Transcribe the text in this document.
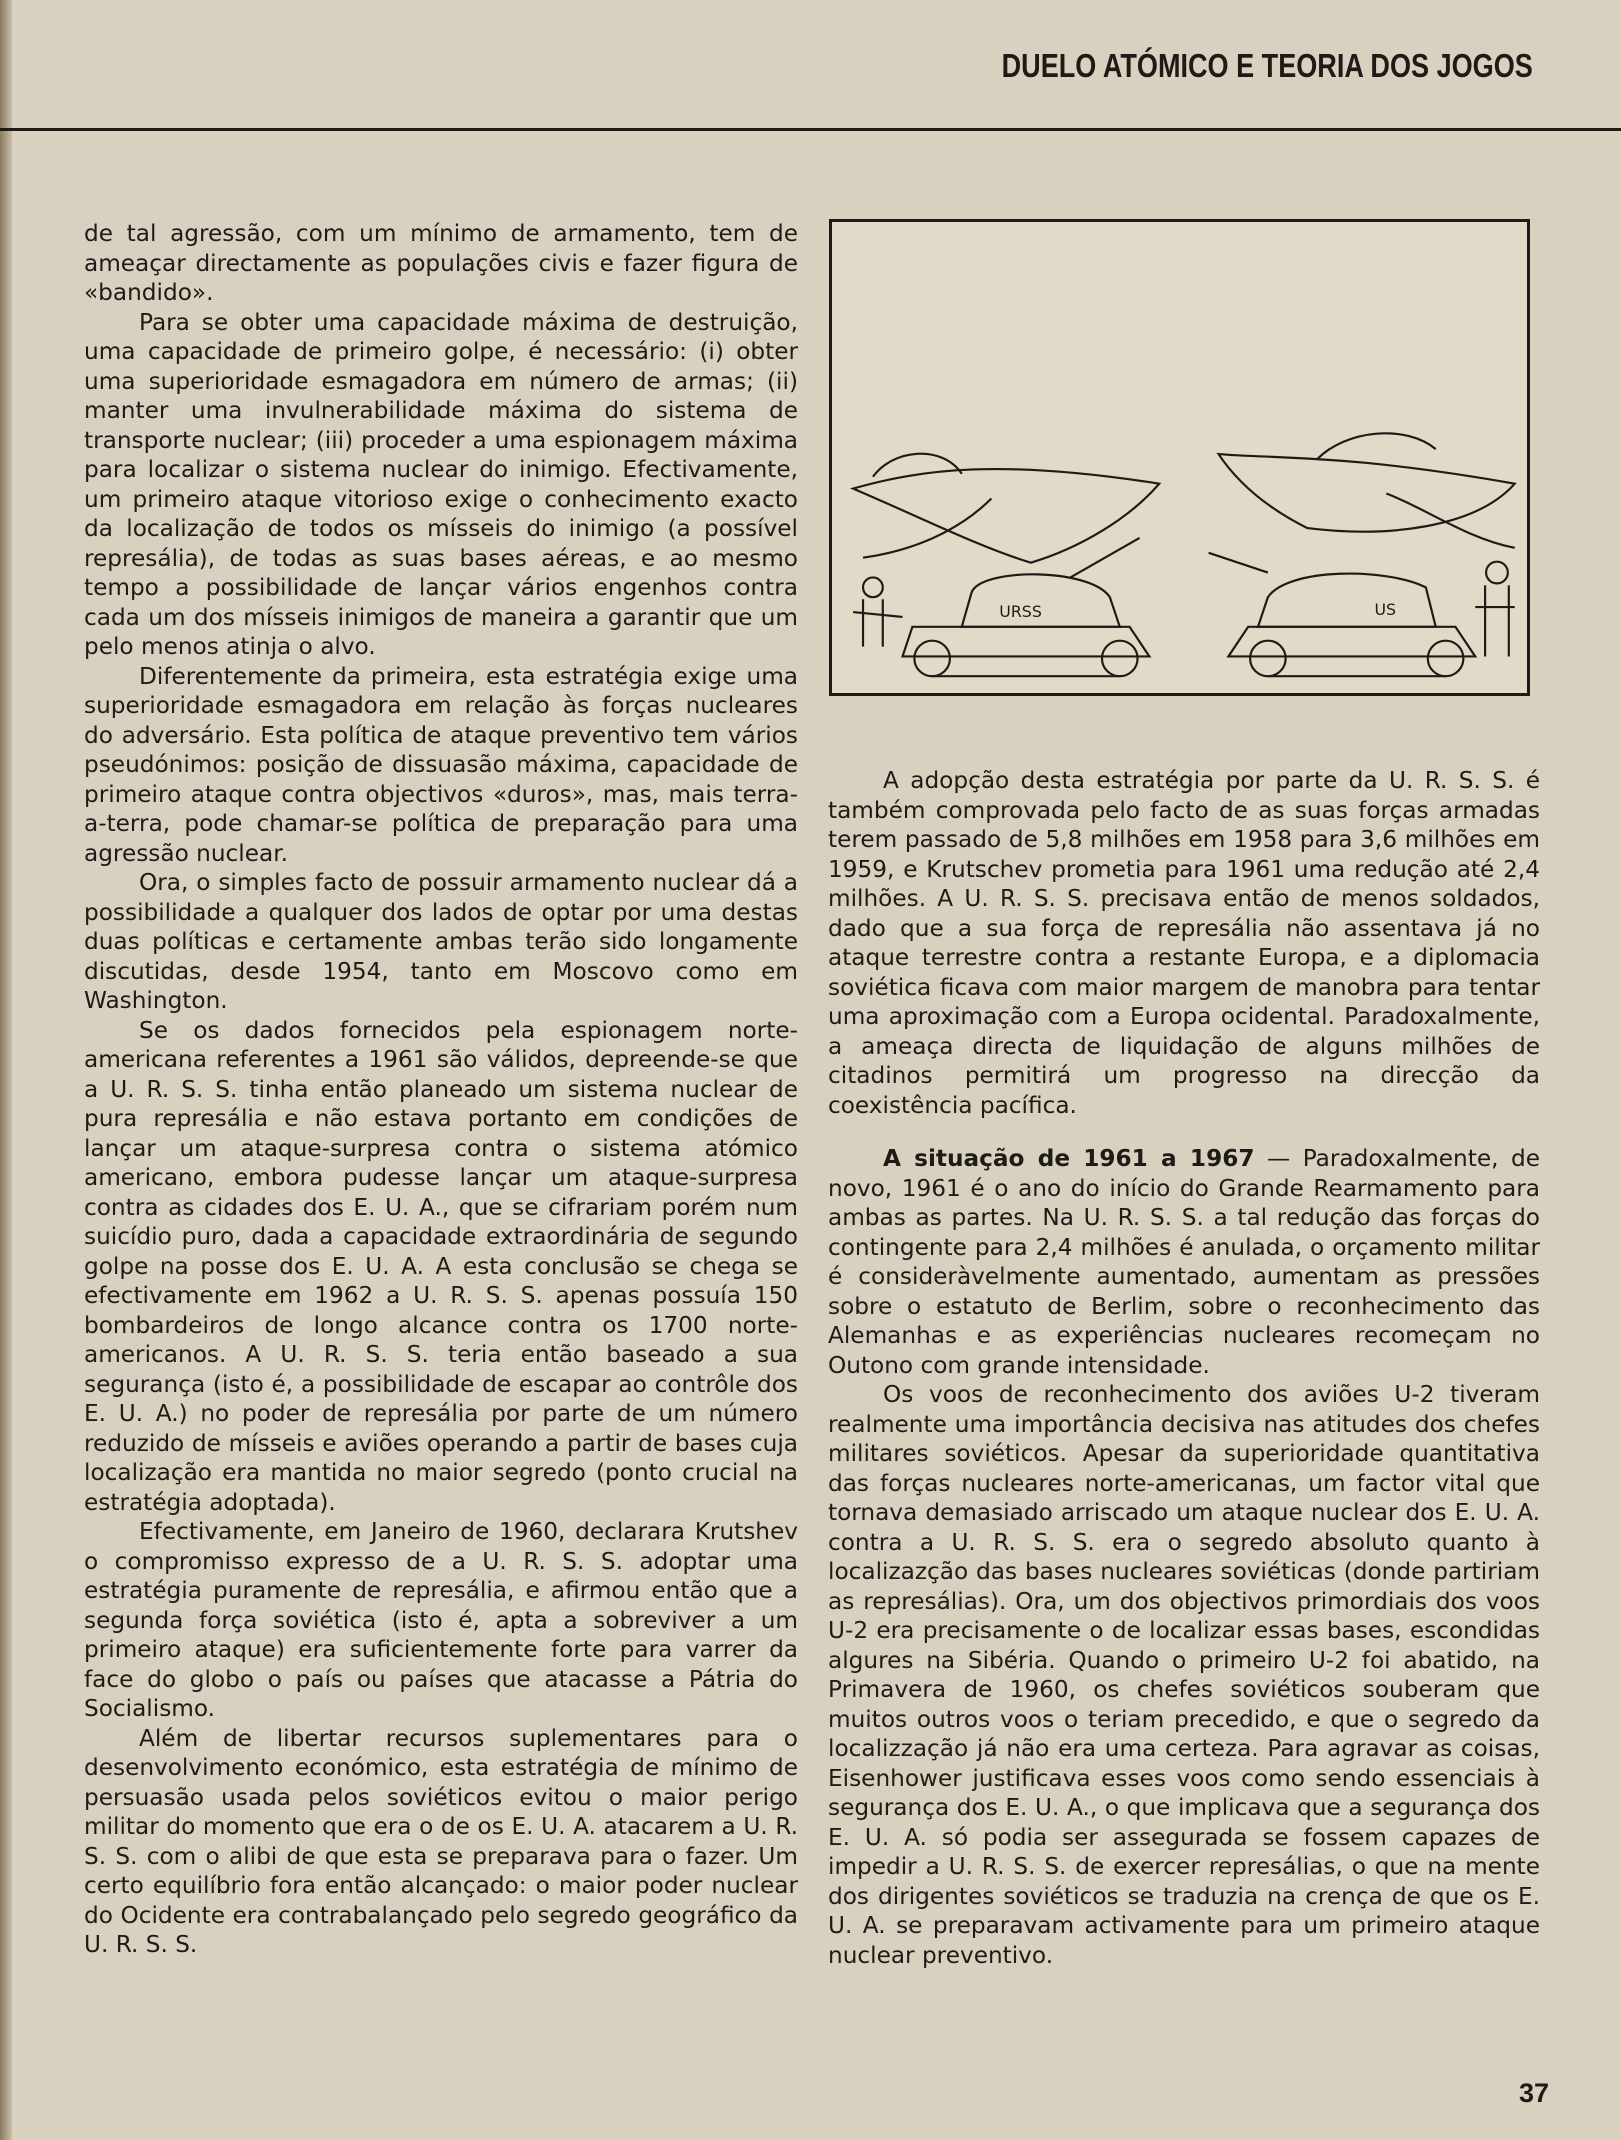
DUELO ATÓMICO E TEORIA DOS JOGOS

de tal agressão, com um mínimo de armamento, tem de ameaçar directamente as populações civis e fazer figura de «bandido».

Para se obter uma capacidade máxima de destruição, uma capacidade de primeiro golpe, é necessário: (i) obter uma superioridade esmagadora em número de armas; (ii) manter uma invulnerabilidade máxima do sistema de transporte nuclear; (iii) proceder a uma espionagem máxima para localizar o sistema nuclear do inimigo. Efectivamente, um primeiro ataque vitorioso exige o conhecimento exacto da localização de todos os mísseis do inimigo (a possível represália), de todas as suas bases aéreas, e ao mesmo tempo a possibilidade de lançar vários engenhos contra cada um dos mísseis inimigos de maneira a garantir que um pelo menos atinja o alvo.

Diferentemente da primeira, esta estratégia exige uma superioridade esmagadora em relação às forças nucleares do adversário. Esta política de ataque preventivo tem vários pseudónimos: posição de dissuasão máxima, capacidade de primeiro ataque contra objectivos «duros», mas, mais terra-a-terra, pode chamar-se política de preparação para uma agressão nuclear.

Ora, o simples facto de possuir armamento nuclear dá a possibilidade a qualquer dos lados de optar por uma destas duas políticas e certamente ambas terão sido longamente discutidas, desde 1954, tanto em Moscovo como em Washington.

Se os dados fornecidos pela espionagem norte-americana referentes a 1961 são válidos, depreende-se que a U. R. S. S. tinha então planeado um sistema nuclear de pura represália e não estava portanto em condições de lançar um ataque-surpresa contra o sistema atómico americano, embora pudesse lançar um ataque-surpresa contra as cidades dos E. U. A., que se cifrariam porém num suicídio puro, dada a capacidade extraordinária de segundo golpe na posse dos E. U. A. A esta conclusão se chega se efectivamente em 1962 a U. R. S. S. apenas possuía 150 bombardeiros de longo alcance contra os 1700 norte-americanos. A U. R. S. S. teria então baseado a sua segurança (isto é, a possibilidade de escapar ao contrôle dos E. U. A.) no poder de represália por parte de um número reduzido de mísseis e aviões operando a partir de bases cuja localização era mantida no maior segredo (ponto crucial na estratégia adoptada).

Efectivamente, em Janeiro de 1960, declarara Krutshev o compromisso expresso de a U. R. S. S. adoptar uma estratégia puramente de represália, e afirmou então que a segunda força soviética (isto é, apta a sobreviver a um primeiro ataque) era suficientemente forte para varrer da face do globo o país ou países que atacasse a Pátria do Socialismo.

Além de libertar recursos suplementares para o desenvolvimento económico, esta estratégia de mínimo de persuasão usada pelos soviéticos evitou o maior perigo militar do momento que era o de os E. U. A. atacarem a U. R. S. S. com o alibi de que esta se preparava para o fazer. Um certo equilíbrio fora então alcançado: o maior poder nuclear do Ocidente era contrabalançado pelo segredo geográfico da U. R. S. S.

URSS	US

A adopção desta estratégia por parte da U. R. S. S. é também comprovada pelo facto de as suas forças armadas terem passado de 5,8 milhões em 1958 para 3,6 milhões em 1959, e Krutschev prometia para 1961 uma redução até 2,4 milhões. A U. R. S. S. precisava então de menos soldados, dado que a sua força de represália não assentava já no ataque terrestre contra a restante Europa, e a diplomacia soviética ficava com maior margem de manobra para tentar uma aproximação com a Europa ocidental. Paradoxalmente, a ameaça directa de liquidação de alguns milhões de citadinos permitirá um progresso na direcção da coexistência pacífica.

A situação de 1961 a 1967 — Paradoxalmente, de novo, 1961 é o ano do início do Grande Rearmamento para ambas as partes. Na U. R. S. S. a tal redução das forças do contingente para 2,4 milhões é anulada, o orçamento militar é consideràvelmente aumentado, aumentam as pressões sobre o estatuto de Berlim, sobre o reconhecimento das Alemanhas e as experiências nucleares recomeçam no Outono com grande intensidade.

Os voos de reconhecimento dos aviões U-2 tiveram realmente uma importância decisiva nas atitudes dos chefes militares soviéticos. Apesar da superioridade quantitativa das forças nucleares norte-americanas, um factor vital que tornava demasiado arriscado um ataque nuclear dos E. U. A. contra a U. R. S. S. era o segredo absoluto quanto à localizazção das bases nucleares soviéticas (donde partiriam as represálias). Ora, um dos objectivos primordiais dos voos U-2 era precisamente o de localizar essas bases, escondidas algures na Sibéria. Quando o primeiro U-2 foi abatido, na Primavera de 1960, os chefes soviéticos souberam que muitos outros voos o teriam precedido, e que o segredo da localizzação já não era uma certeza. Para agravar as coisas, Eisenhower justificava esses voos como sendo essenciais à segurança dos E. U. A., o que implicava que a segurança dos E. U. A. só podia ser assegurada se fossem capazes de impedir a U. R. S. S. de exercer represálias, o que na mente dos dirigentes soviéticos se traduzia na crença de que os E. U. A. se preparavam activamente para um primeiro ataque nuclear preventivo.

37
